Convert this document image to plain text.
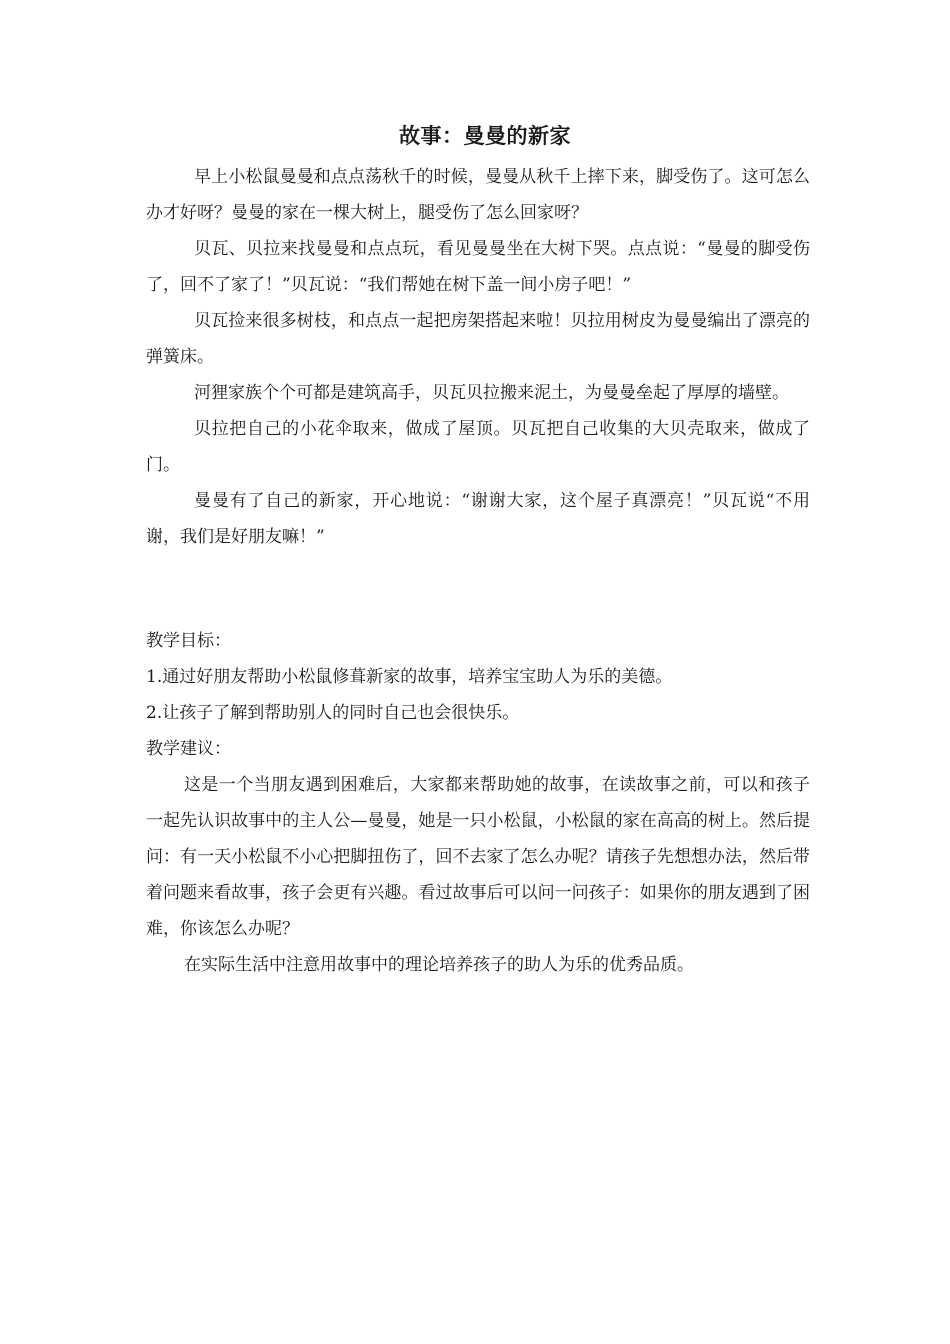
故事：曼曼的新家

早上小松鼠曼曼和点点荡秋千的时候，曼曼从秋千上摔下来，脚受伤了。这可怎么办才好呀？曼曼的家在一棵大树上，腿受伤了怎么回家呀？

贝瓦、贝拉来找曼曼和点点玩，看见曼曼坐在大树下哭。点点说：“曼曼的脚受伤了，回不了家了！”贝瓦说：“我们帮她在树下盖一间小房子吧！”

贝瓦捡来很多树枝，和点点一起把房架搭起来啦！贝拉用树皮为曼曼编出了漂亮的弹簧床。

河狸家族个个可都是建筑高手，贝瓦贝拉搬来泥土，为曼曼垒起了厚厚的墙壁。

贝拉把自己的小花伞取来，做成了屋顶。贝瓦把自己收集的大贝壳取来，做成了门。

曼曼有了自己的新家，开心地说：“谢谢大家，这个屋子真漂亮！”贝瓦说“不用谢，我们是好朋友嘛！”

教学目标：

1.通过好朋友帮助小松鼠修葺新家的故事，培养宝宝助人为乐的美德。

2.让孩子了解到帮助别人的同时自己也会很快乐。

教学建议：

这是一个当朋友遇到困难后，大家都来帮助她的故事，在读故事之前，可以和孩子一起先认识故事中的主人公—曼曼，她是一只小松鼠，小松鼠的家在高高的树上。然后提问：有一天小松鼠不小心把脚扭伤了，回不去家了怎么办呢？请孩子先想想办法，然后带着问题来看故事，孩子会更有兴趣。看过故事后可以问一问孩子：如果你的朋友遇到了困难，你该怎么办呢？

在实际生活中注意用故事中的理论培养孩子的助人为乐的优秀品质。
